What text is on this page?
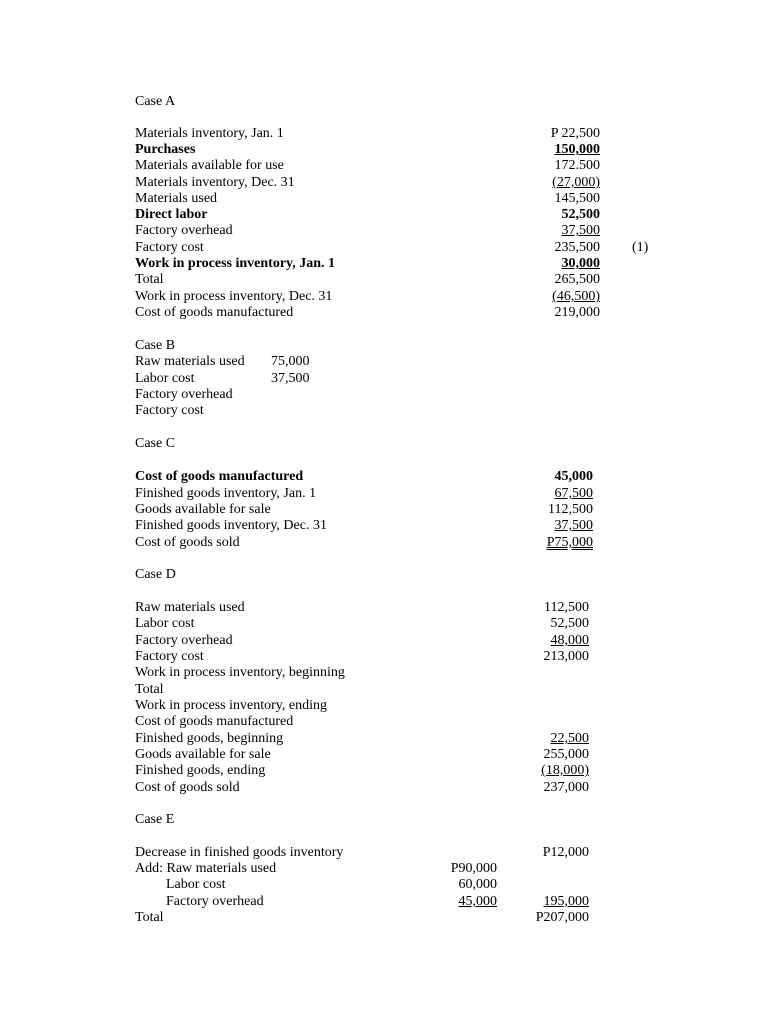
Case A
Materials inventory, Jan. 1	P 22,500
Purchases	150,000
Materials available for use	172.500
Materials inventory, Dec. 31	(27,000)
Materials used	145,500
Direct labor	52,500
Factory overhead	37,500
Factory cost	235,500 (1)
Work in process inventory, Jan. 1	30,000
Total	265,500
Work in process inventory, Dec. 31	(46,500)
Cost of goods manufactured	219,000
Case B
Raw materials used 75,000
Labor cost	37,500
Factory overhead
Factory cost
Case C
Cost of goods manufactured	45,000
Finished goods inventory, Jan. 1	67,500
Goods available for sale	112,500
Finished goods inventory, Dec. 31	37,500
Cost of goods sold	P75,000
Case D
Raw materials used	112,500
Labor cost	52,500
Factory overhead	48,000
Factory cost	213,000
Work in process inventory, beginning
Total
Work in process inventory, ending
Cost of goods manufactured
Finished goods, beginning	22,500
Goods available for sale	255,000
Finished goods, ending	(18,000)
Cost of goods sold	237,000
Case E
Decrease in finished goods inventory	P12,000
Add: Raw materials used	P90,000
Labor cost	60,000
Factory overhead	45,000	195,000
Total	P207,000
